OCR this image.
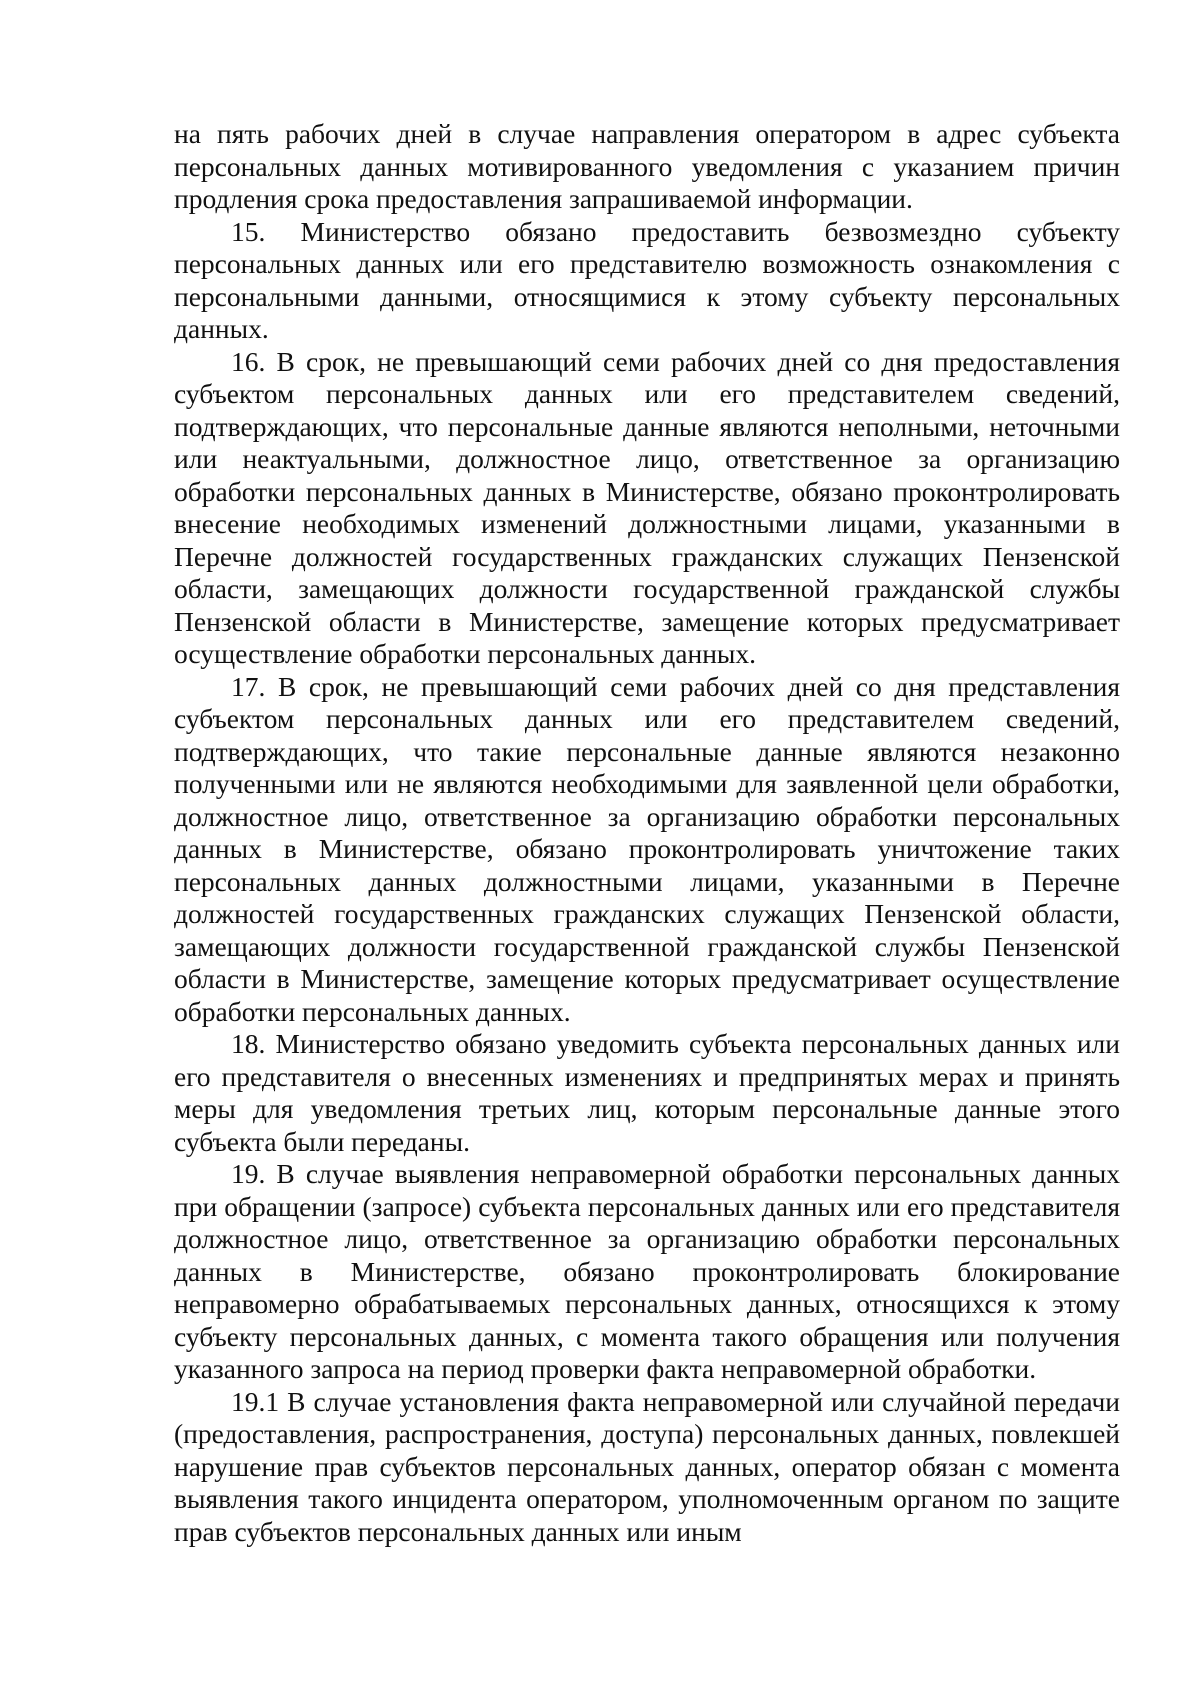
на пять рабочих дней в случае направления оператором в адрес субъекта персональных данных мотивированного уведомления с указанием причин продления срока предоставления запрашиваемой информации.

15. Министерство обязано предоставить безвозмездно субъекту персональных данных или его представителю возможность ознакомления с персональными данными, относящимися к этому субъекту персональных данных.

16. В срок, не превышающий семи рабочих дней со дня предоставления субъектом персональных данных или его представителем сведений, подтверждающих, что персональные данные являются неполными, неточными или неактуальными, должностное лицо, ответственное за организацию обработки персональных данных в Министерстве, обязано проконтролировать внесение необходимых изменений должностными лицами, указанными в Перечне должностей государственных гражданских служащих Пензенской области, замещающих должности государственной гражданской службы Пензенской области в Министерстве, замещение которых предусматривает осуществление обработки персональных данных.

17. В срок, не превышающий семи рабочих дней со дня представления субъектом персональных данных или его представителем сведений, подтверждающих, что такие персональные данные являются незаконно полученными или не являются необходимыми для заявленной цели обработки, должностное лицо, ответственное за организацию обработки персональных данных в Министерстве, обязано проконтролировать уничтожение таких персональных данных должностными лицами, указанными в Перечне должностей государственных гражданских служащих Пензенской области, замещающих должности государственной гражданской службы Пензенской области в Министерстве, замещение которых предусматривает осуществление обработки персональных данных.

18. Министерство обязано уведомить субъекта персональных данных или его представителя о внесенных изменениях и предпринятых мерах и принять меры для уведомления третьих лиц, которым персональные данные этого субъекта были переданы.

19. В случае выявления неправомерной обработки персональных данных при обращении (запросе) субъекта персональных данных или его представителя должностное лицо, ответственное за организацию обработки персональных данных в Министерстве, обязано проконтролировать блокирование неправомерно обрабатываемых персональных данных, относящихся к этому субъекту персональных данных, с момента такого обращения или получения указанного запроса на период проверки факта неправомерной обработки.

19.1 В случае установления факта неправомерной или случайной передачи (предоставления, распространения, доступа) персональных данных, повлекшей нарушение прав субъектов персональных данных, оператор обязан с момента выявления такого инцидента оператором, уполномоченным органом по защите прав субъектов персональных данных или иным
